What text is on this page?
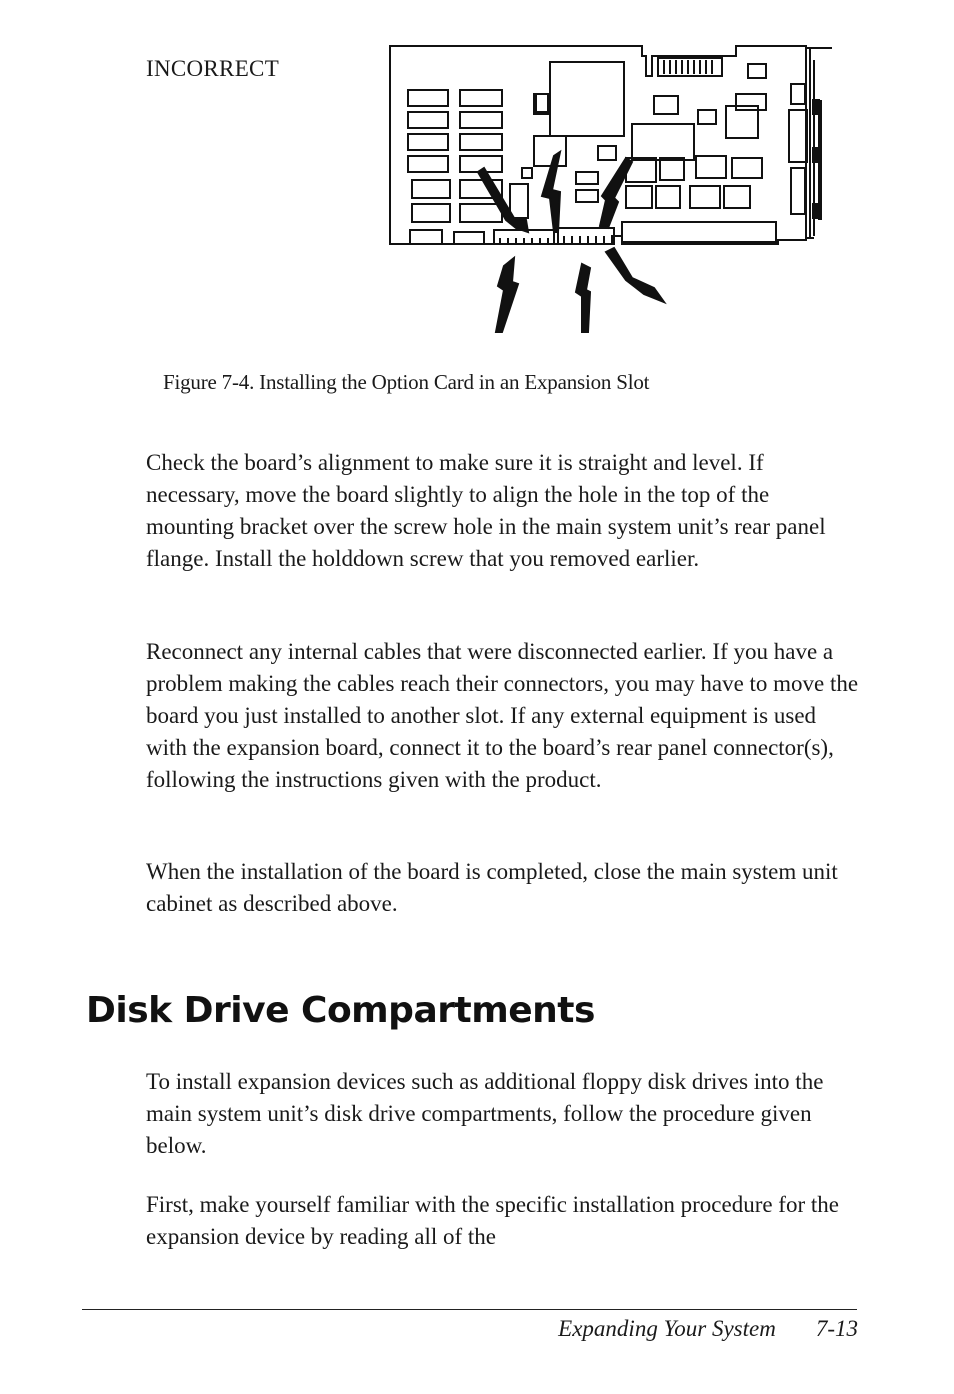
INCORRECT
Figure 7-4. Installing the Option Card in an Expansion Slot

Check the board’s alignment to make sure it is straight and level. If necessary, move the board slightly to align the hole in the top of the mounting bracket over the screw hole in the main system unit’s rear panel flange. Install the holddown screw that you removed earlier.

Reconnect any internal cables that were disconnected earlier. If you have a problem making the cables reach their connectors, you may have to move the board you just installed to another slot. If any external equipment is used with the expansion board, connect it to the board’s rear panel connector(s), following the instructions given with the product.

When the installation of the board is completed, close the main system unit cabinet as described above.

Disk Drive Compartments

To install expansion devices such as additional floppy disk drives into the main system unit’s disk drive compartments, follow the procedure given below.

First, make yourself familiar with the specific installation procedure for the expansion device by reading all of the

Expanding Your System 7-13
